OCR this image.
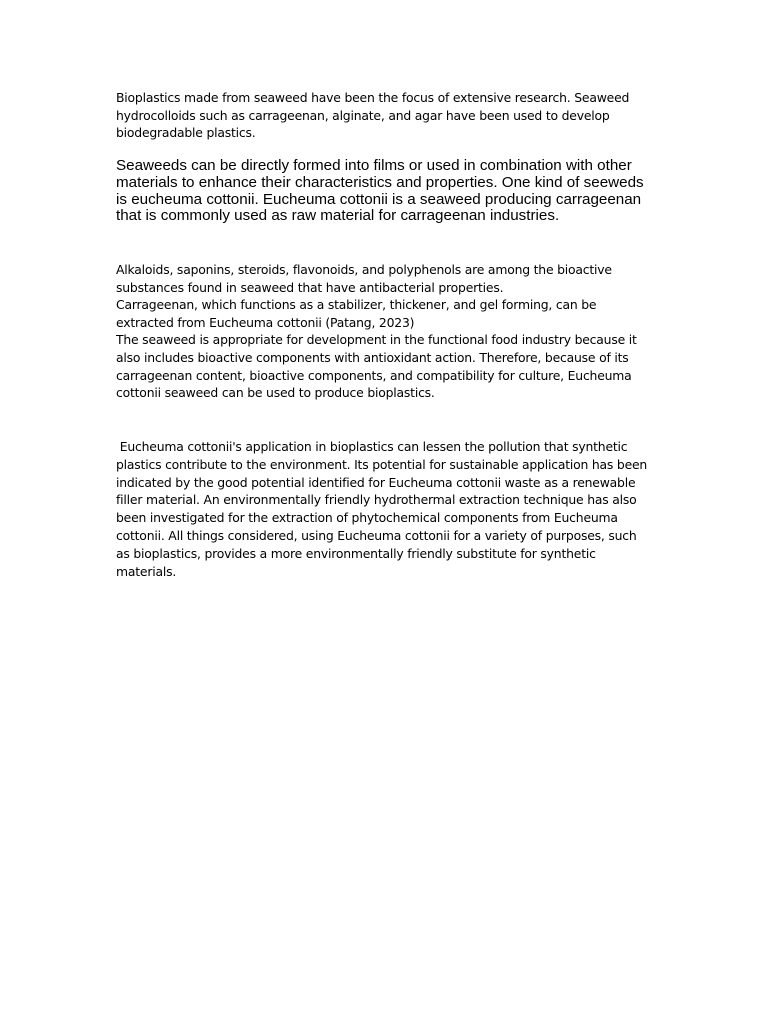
Bioplastics made from seaweed have been the focus of extensive research. Seaweed hydrocolloids such as carrageenan, alginate, and agar have been used to develop biodegradable plastics.

Seaweeds can be directly formed into films or used in combination with other materials to enhance their characteristics and properties. One kind of seeweds is eucheuma cottonii. Eucheuma cottonii is a seaweed producing carrageenan that is commonly used as raw material for carrageenan industries.

Alkaloids, saponins, steroids, flavonoids, and polyphenols are among the bioactive substances found in seaweed that have antibacterial properties.
Carrageenan, which functions as a stabilizer, thickener, and gel forming, can be extracted from Eucheuma cottonii (Patang, 2023)
The seaweed is appropriate for development in the functional food industry because it also includes bioactive components with antioxidant action. Therefore, because of its carrageenan content, bioactive components, and compatibility for culture, Eucheuma cottonii seaweed can be used to produce bioplastics.

Eucheuma cottonii's application in bioplastics can lessen the pollution that synthetic plastics contribute to the environment. Its potential for sustainable application has been indicated by the good potential identified for Eucheuma cottonii waste as a renewable filler material. An environmentally friendly hydrothermal extraction technique has also been investigated for the extraction of phytochemical components from Eucheuma cottonii. All things considered, using Eucheuma cottonii for a variety of purposes, such as bioplastics, provides a more environmentally friendly substitute for synthetic materials.
